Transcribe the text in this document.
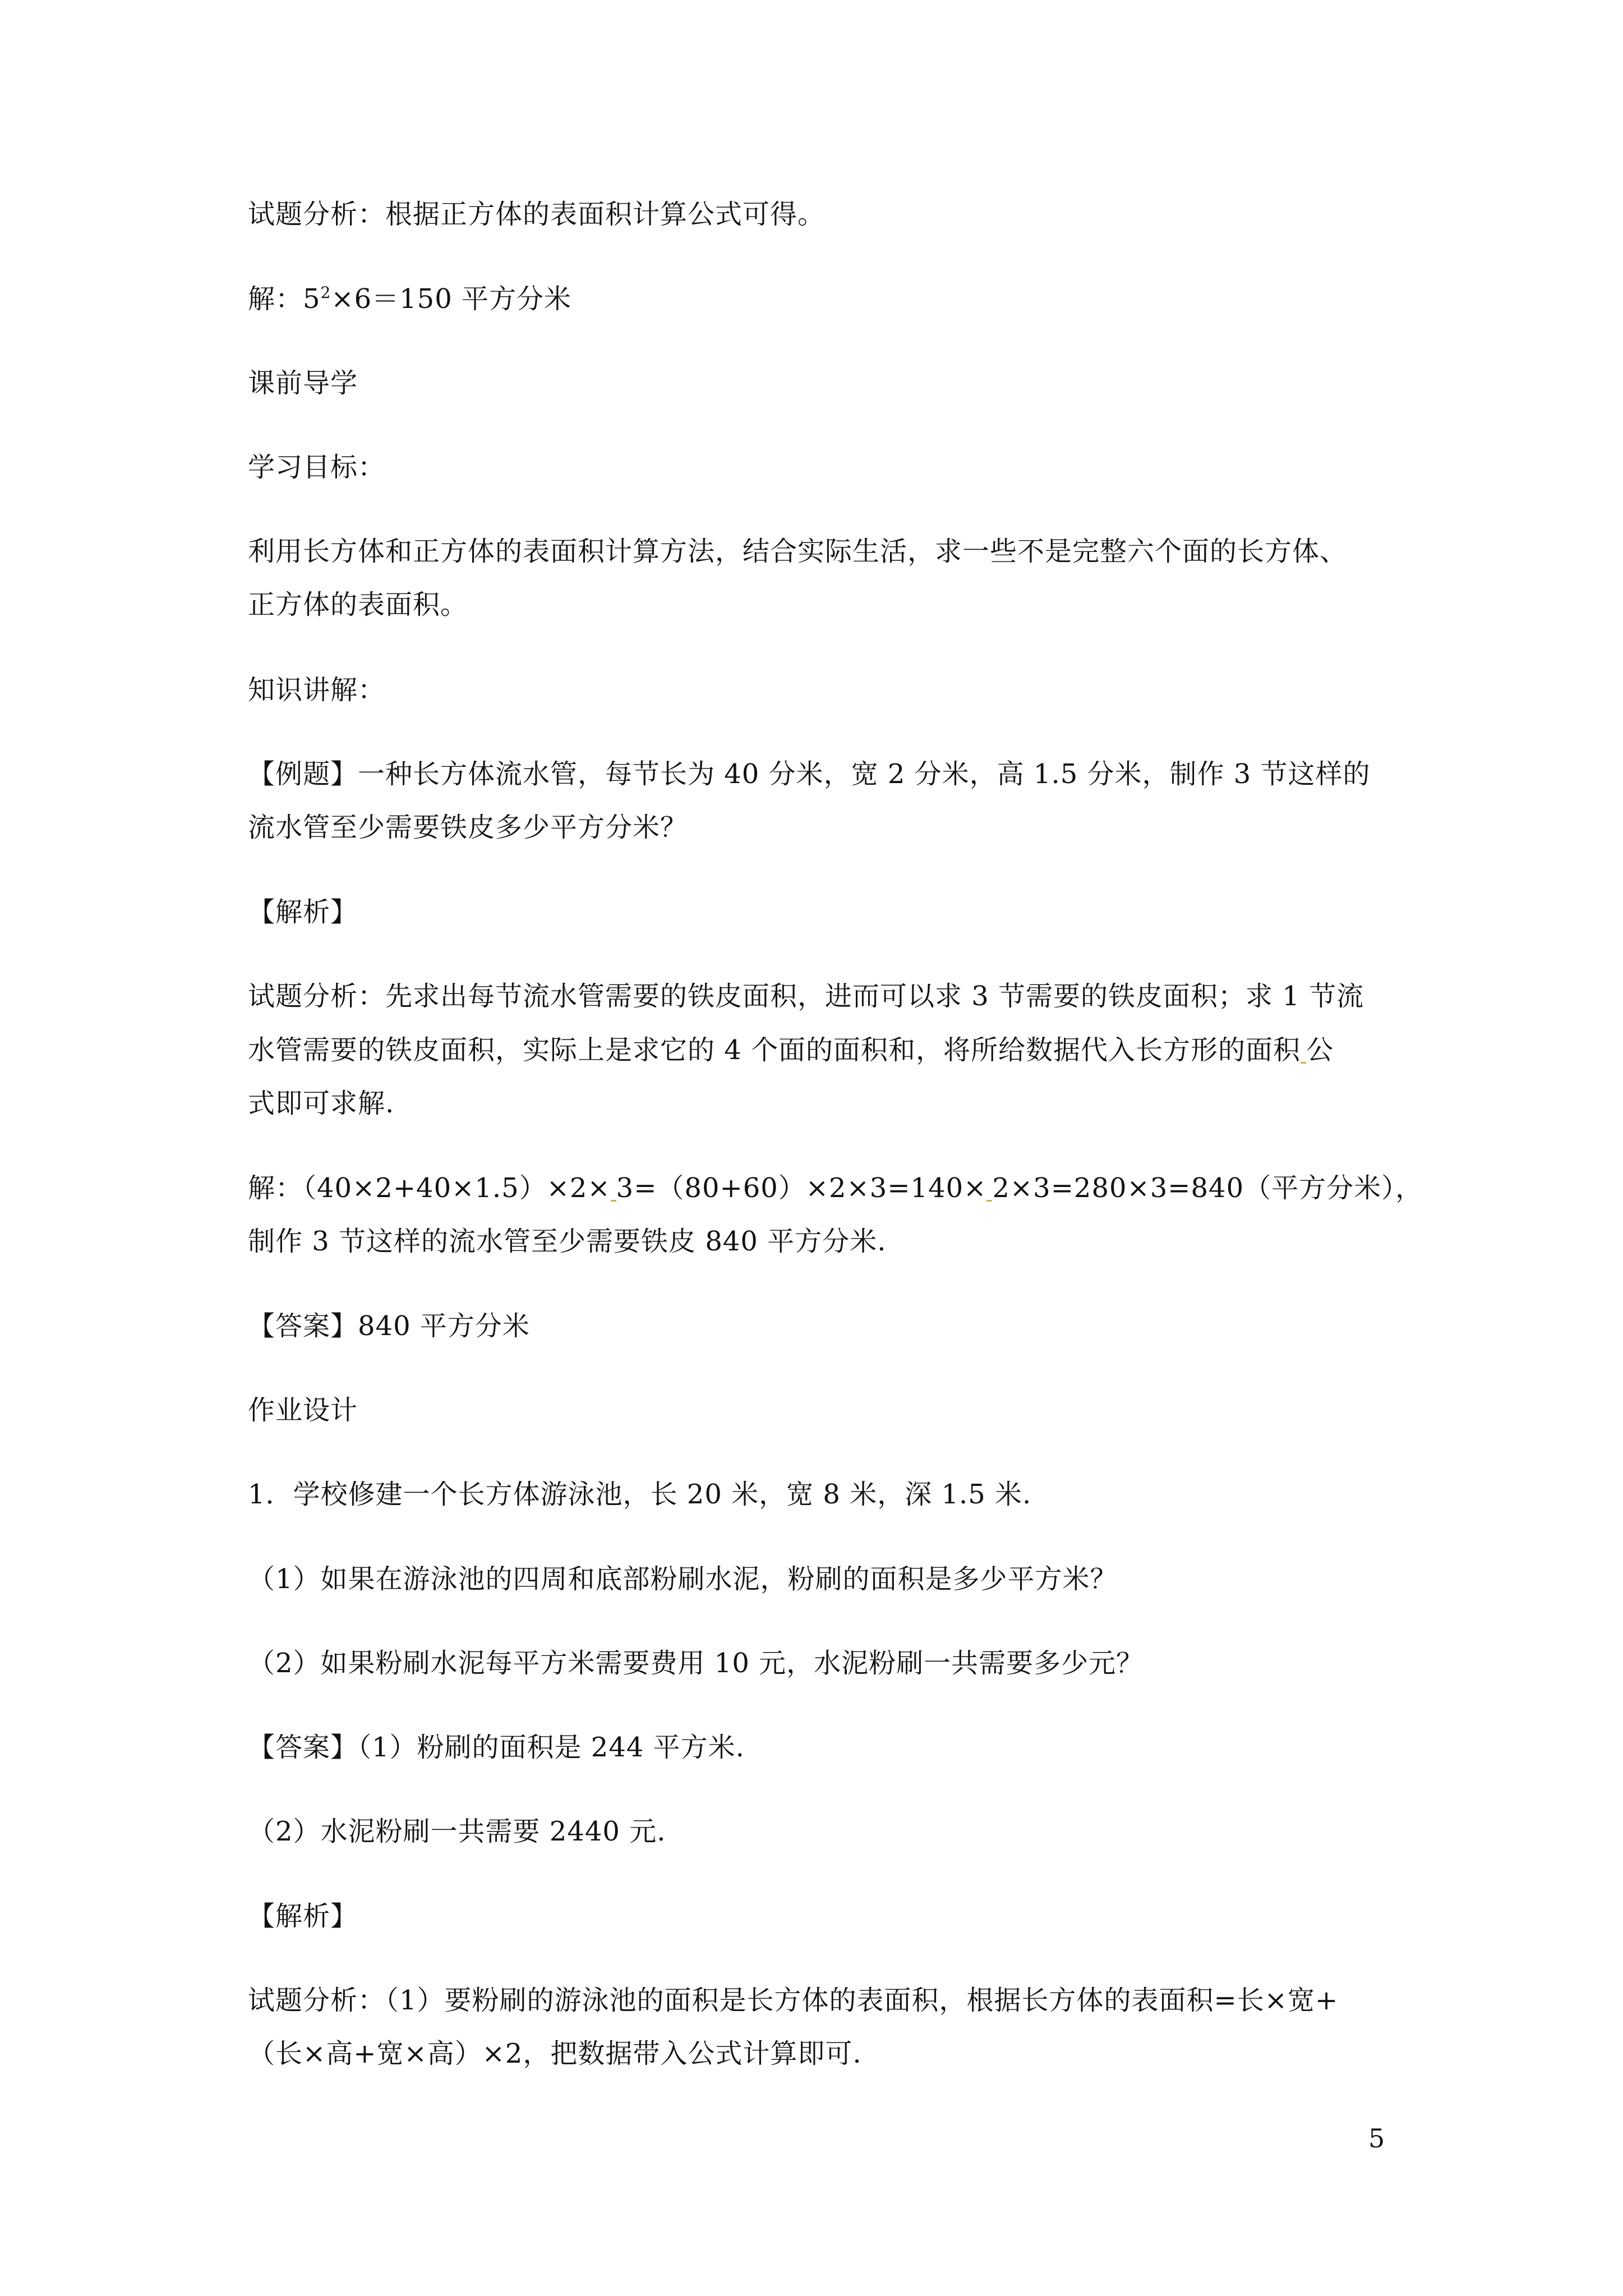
试题分析：根据正方体的表面积计算公式可得。
解：$5^2\times 6=150$ 平方分米
课前导学
学习目标：
利用长方体和正方体的表面积计算方法，结合实际生活，求一些不是完整六个面的长方体、
正方体的表面积。
知识讲解：
【例题】一种长方体流水管，每节长为 40 分米，宽 2 分米，高 1.5 分米，制作 3 节这样的
流水管至少需要铁皮多少平方分米？
【解析】
试题分析：先求出每节流水管需要的铁皮面积，进而可以求 3 节需要的铁皮面积；求 1 节流
水管需要的铁皮面积，实际上是求它的 4 个面的面积和，将所给数据代入长方形的面积 公
式即可求解.
解：（40×2+40×1.5）×2× 3=（80+60）×2×3=140× 2×3=280×3=840（平方分米），
制作 3 节这样的流水管至少需要铁皮 840 平方分米.
【答案】840 平方分米
作业设计
1．学校修建一个长方体游泳池，长 20 米，宽 8 米，深 1.5 米.
（1）如果在游泳池的四周和底部粉刷水泥，粉刷的面积是多少平方米？
（2）如果粉刷水泥每平方米需要费用 10 元，水泥粉刷一共需要多少元？
【答案】（1）粉刷的面积是 244 平方米.
（2）水泥粉刷一共需要 2440 元.
【解析】
试题分析：（1）要粉刷的游泳池的面积是长方体的表面积，根据长方体的表面积=长×宽+
（长×高+宽×高）×2，把数据带入公式计算即可.
5
